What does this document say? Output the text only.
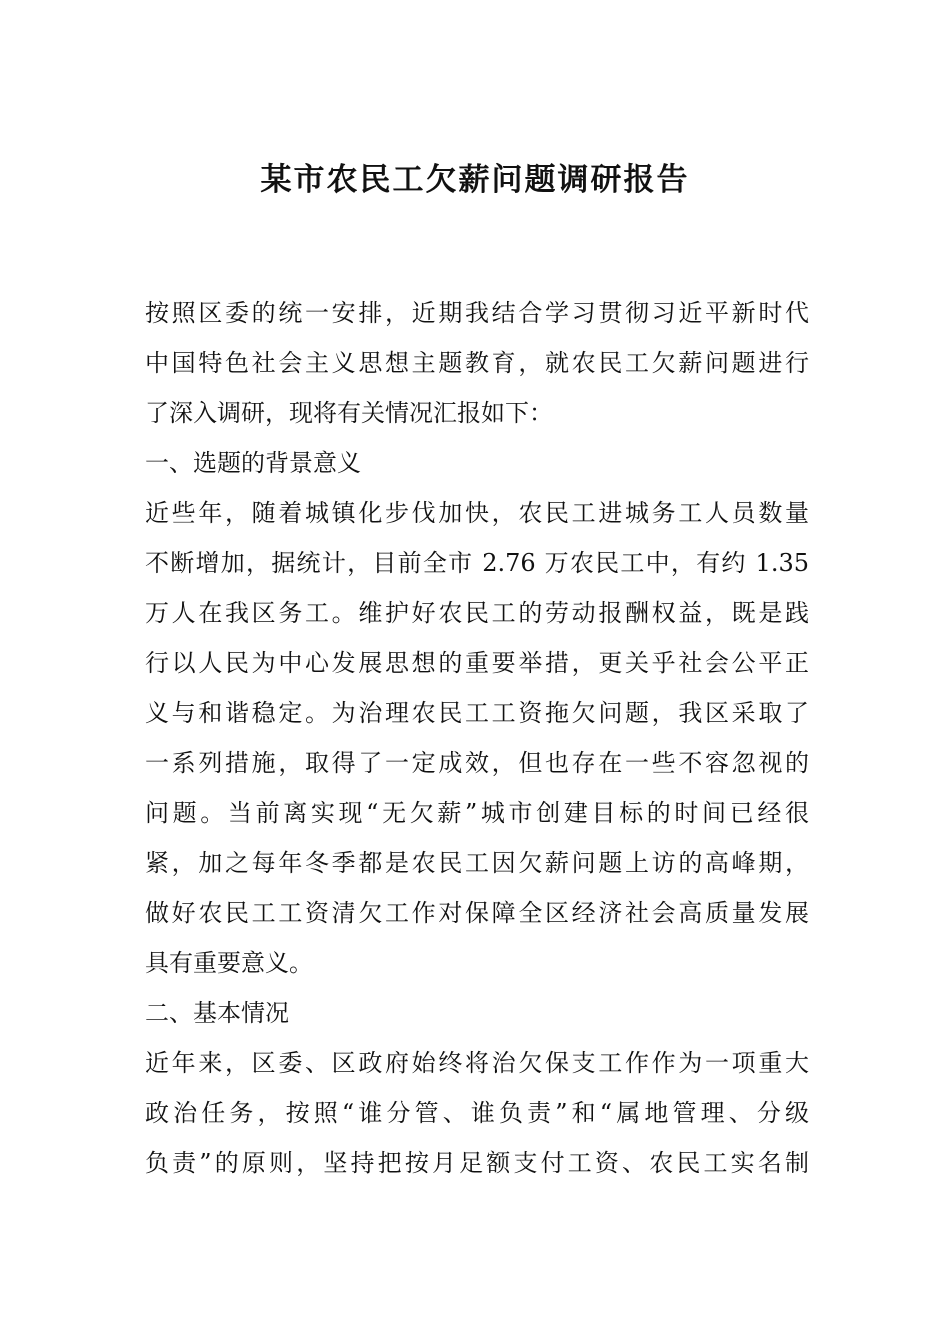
某市农民工欠薪问题调研报告
按照区委的统一安排，近期我结合学习贯彻习近平新时代
中国特色社会主义思想主题教育，就农民工欠薪问题进行
了深入调研，现将有关情况汇报如下：
一、选题的背景意义
近些年，随着城镇化步伐加快，农民工进城务工人员数量
不断增加，据统计，目前全市 2.76 万农民工中，有约 1.35
万人在我区务工。维护好农民工的劳动报酬权益，既是践
行以人民为中心发展思想的重要举措，更关乎社会公平正
义与和谐稳定。为治理农民工工资拖欠问题，我区采取了
一系列措施，取得了一定成效，但也存在一些不容忽视的
问题。当前离实现“无欠薪”城市创建目标的时间已经很
紧，加之每年冬季都是农民工因欠薪问题上访的高峰期，
做好农民工工资清欠工作对保障全区经济社会高质量发展
具有重要意义。
二、基本情况
近年来，区委、区政府始终将治欠保支工作作为一项重大
政治任务，按照“谁分管、谁负责”和“属地管理、分级
负责”的原则，坚持把按月足额支付工资、农民工实名制
